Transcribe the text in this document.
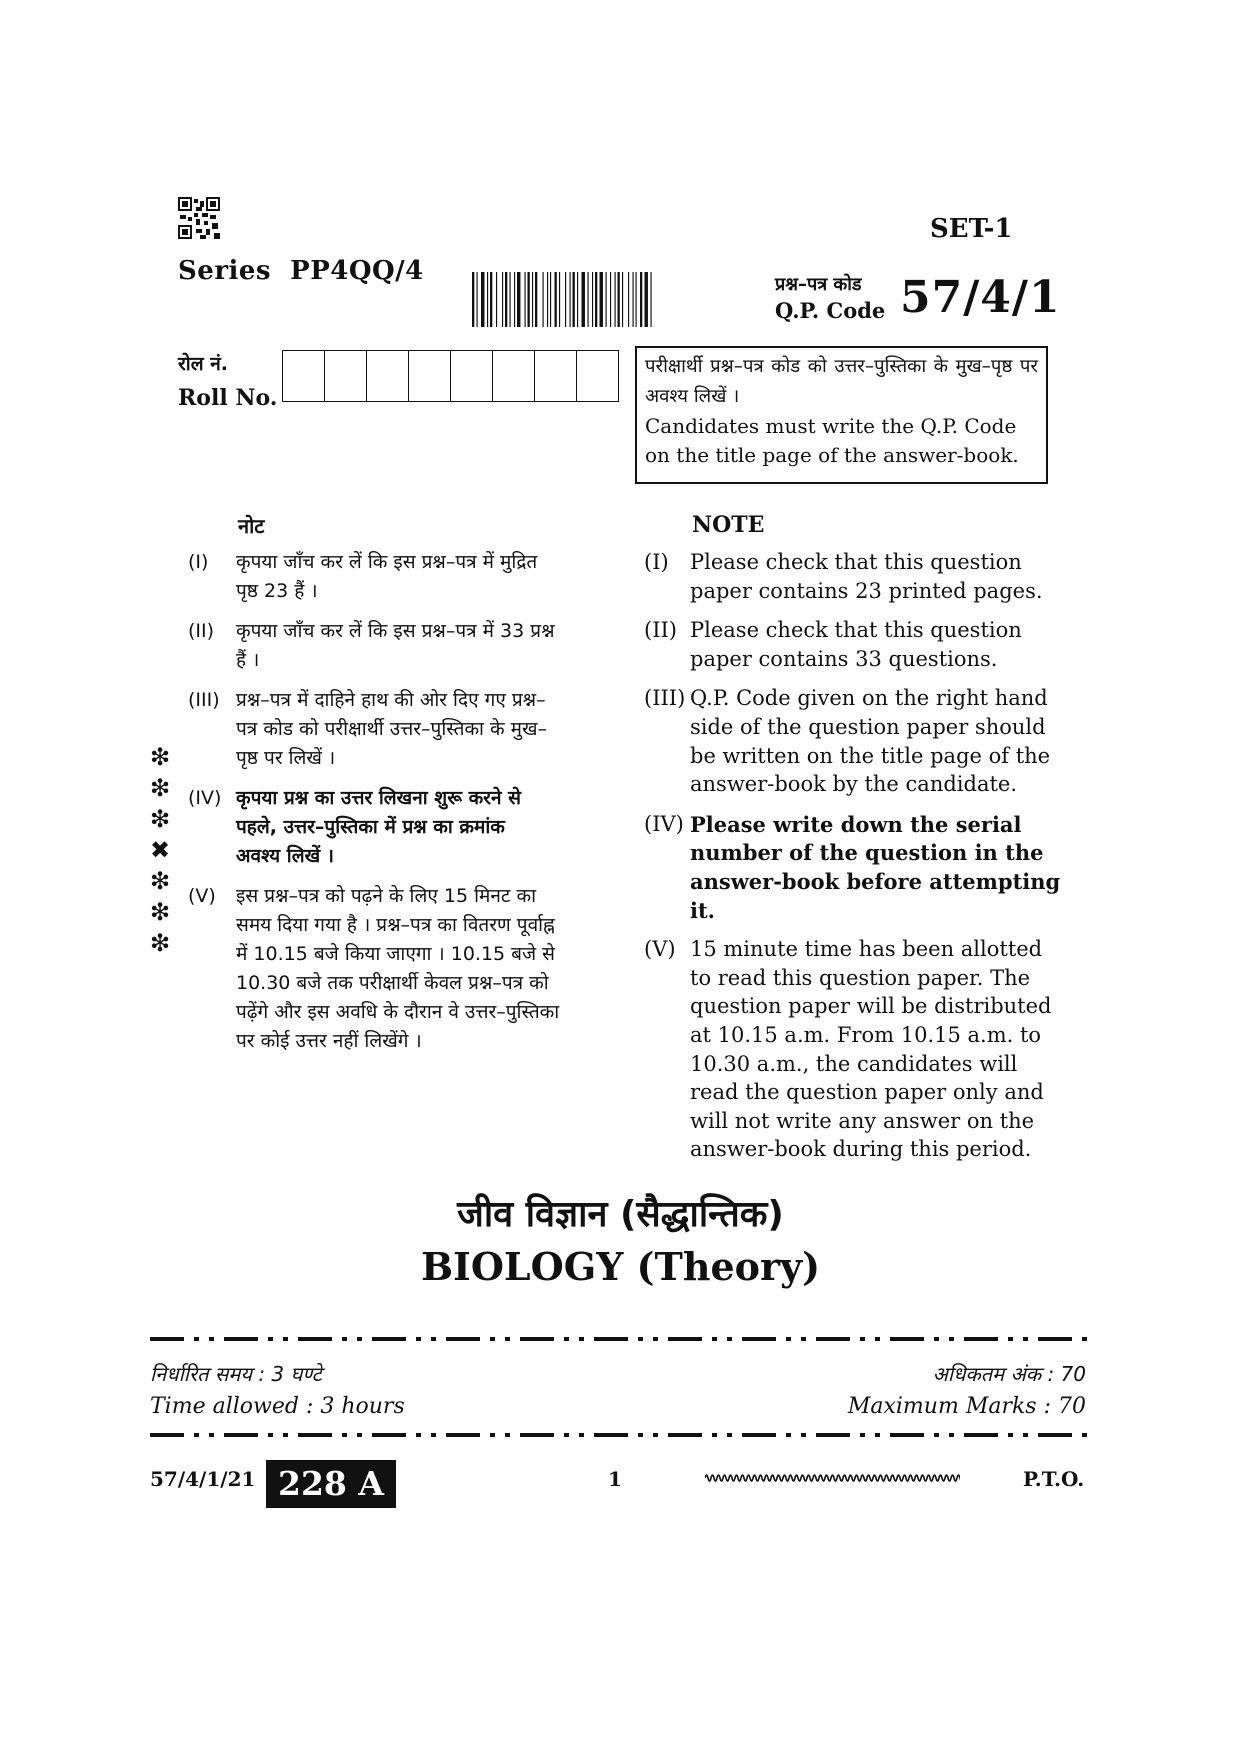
SET-1
Series  PP4QQ/4	प्रश्न–पत्र कोड
Q.P. Code 57/4/1
रोल नं.
Roll No.
परीक्षार्थी प्रश्न–पत्र कोड को उत्तर–पुस्तिका के मुख–पृष्ठ पर अवश्य लिखें ।
Candidates must write the Q.P. Code
on the title page of the answer-book.
नोट	NOTE
(I) कृपया जाँच कर लें कि इस प्रश्न–पत्र में मुद्रित
पृष्ठ 23 हैं ।
(II) कृपया जाँच कर लें कि इस प्रश्न–पत्र में 33 प्रश्न
हैं ।
(III) प्रश्न–पत्र में दाहिने हाथ की ओर दिए गए प्रश्न–
पत्र कोड को परीक्षार्थी उत्तर–पुस्तिका के मुख–
पृष्ठ पर लिखें ।
(IV) कृपया प्रश्न का उत्तर लिखना शुरू करने से
पहले, उत्तर–पुस्तिका में प्रश्न का क्रमांक
अवश्य लिखें ।
(V) इस प्रश्न–पत्र को पढ़ने के लिए 15 मिनट का
समय दिया गया है । प्रश्न–पत्र का वितरण पूर्वाह्न
में 10.15 बजे किया जाएगा । 10.15 बजे से
10.30 बजे तक परीक्षार्थी केवल प्रश्न–पत्र को
पढ़ेंगे और इस अवधि के दौरान वे उत्तर–पुस्तिका
पर कोई उत्तर नहीं लिखेंगे ।
(I) Please check that this question
paper contains 23 printed pages.
(II) Please check that this question
paper contains 33 questions.
(III) Q.P. Code given on the right hand
side of the question paper should
be written on the title page of the
answer-book by the candidate.
(IV) Please write down the serial
number of the question in the
answer-book before attempting
it.
(V) 15 minute time has been allotted
to read this question paper. The
question paper will be distributed
at 10.15 a.m. From 10.15 a.m. to
10.30 a.m., the candidates will
read the question paper only and
will not write any answer on the
answer-book during this period.
❇
❇
❇
✖
❇
❇
❇
जीव विज्ञान (सैद्धान्तिक)
BIOLOGY (Theory)
निर्धारित समय : 3 घण्टे
Time allowed : 3 hours
अधिकतम अंक : 70
Maximum Marks : 70
57/4/1/21 228 A	1	P.T.O.
